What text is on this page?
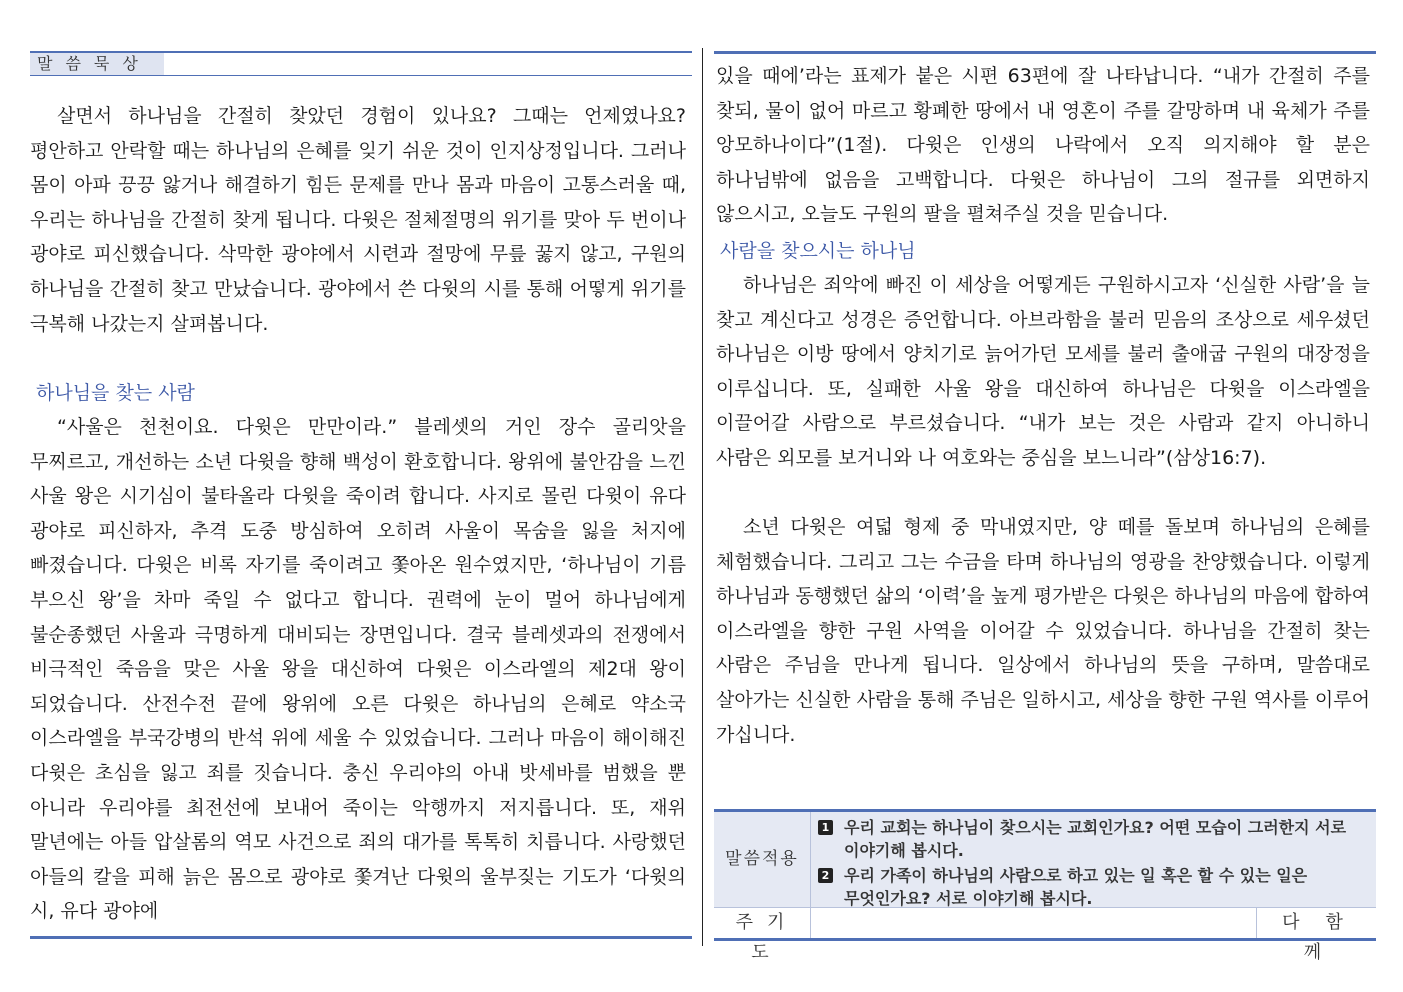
말씀묵상

살면서 하나님을 간절히 찾았던 경험이 있나요? 그때는 언제였나요? 평안하고 안락할 때는 하나님의 은혜를 잊기 쉬운 것이 인지상정입니다. 그러나 몸이 아파 끙끙 앓거나 해결하기 힘든 문제를 만나 몸과 마음이 고통스러울 때, 우리는 하나님을 간절히 찾게 됩니다. 다윗은 절체절명의 위기를 맞아 두 번이나 광야로 피신했습니다. 삭막한 광야에서 시련과 절망에 무릎 꿇지 않고, 구원의 하나님을 간절히 찾고 만났습니다. 광야에서 쓴 다윗의 시를 통해 어떻게 위기를 극복해 나갔는지 살펴봅니다.

하나님을 찾는 사람

“사울은 천천이요. 다윗은 만만이라.” 블레셋의 거인 장수 골리앗을 무찌르고, 개선하는 소년 다윗을 향해 백성이 환호합니다. 왕위에 불안감을 느낀 사울 왕은 시기심이 불타올라 다윗을 죽이려 합니다. 사지로 몰린 다윗이 유다 광야로 피신하자, 추격 도중 방심하여 오히려 사울이 목숨을 잃을 처지에 빠졌습니다. 다윗은 비록 자기를 죽이려고 쫓아온 원수였지만, ‘하나님이 기름 부으신 왕’을 차마 죽일 수 없다고 합니다. 권력에 눈이 멀어 하나님에게 불순종했던 사울과 극명하게 대비되는 장면입니다. 결국 블레셋과의 전쟁에서 비극적인 죽음을 맞은 사울 왕을 대신하여 다윗은 이스라엘의 제2대 왕이 되었습니다. 산전수전 끝에 왕위에 오른 다윗은 하나님의 은혜로 약소국 이스라엘을 부국강병의 반석 위에 세울 수 있었습니다. 그러나 마음이 해이해진 다윗은 초심을 잃고 죄를 짓습니다. 충신 우리야의 아내 밧세바를 범했을 뿐 아니라 우리야를 최전선에 보내어 죽이는 악행까지 저지릅니다. 또, 재위 말년에는 아들 압살롬의 역모 사건으로 죄의 대가를 톡톡히 치릅니다. 사랑했던 아들의 칼을 피해 늙은 몸으로 광야로 쫓겨난 다윗의 울부짖는 기도가 ‘다윗의 시, 유다 광야에

있을 때에’라는 표제가 붙은 시편 63편에 잘 나타납니다. “내가 간절히 주를 찾되, 물이 없어 마르고 황폐한 땅에서 내 영혼이 주를 갈망하며 내 육체가 주를 앙모하나이다”(1절). 다윗은 인생의 나락에서 오직 의지해야 할 분은 하나님밖에 없음을 고백합니다. 다윗은 하나님이 그의 절규를 외면하지 않으시고, 오늘도 구원의 팔을 펼쳐주실 것을 믿습니다.

사람을 찾으시는 하나님

하나님은 죄악에 빠진 이 세상을 어떻게든 구원하시고자 ‘신실한 사람’을 늘 찾고 계신다고 성경은 증언합니다. 아브라함을 불러 믿음의 조상으로 세우셨던 하나님은 이방 땅에서 양치기로 늙어가던 모세를 불러 출애굽 구원의 대장정을 이루십니다. 또, 실패한 사울 왕을 대신하여 하나님은 다윗을 이스라엘을 이끌어갈 사람으로 부르셨습니다. “내가 보는 것은 사람과 같지 아니하니 사람은 외모를 보거니와 나 여호와는 중심을 보느니라”(삼상16:7).

소년 다윗은 여덟 형제 중 막내였지만, 양 떼를 돌보며 하나님의 은혜를 체험했습니다. 그리고 그는 수금을 타며 하나님의 영광을 찬양했습니다. 이렇게 하나님과 동행했던 삶의 ‘이력’을 높게 평가받은 다윗은 하나님의 마음에 합하여 이스라엘을 향한 구원 사역을 이어갈 수 있었습니다. 하나님을 간절히 찾는 사람은 주님을 만나게 됩니다. 일상에서 하나님의 뜻을 구하며, 말씀대로 살아가는 신실한 사람을 통해 주님은 일하시고, 세상을 향한 구원 역사를 이루어 가십니다.

말씀적용
1 우리 교회는 하나님이 찾으시는 교회인가요? 어떤 모습이 그러한지 서로 이야기해 봅시다.
2 우리 가족이 하나님의 사람으로 하고 있는 일 혹은 할 수 있는 일은 무엇인가요? 서로 이야기해 봅시다.
주기도
다함께
